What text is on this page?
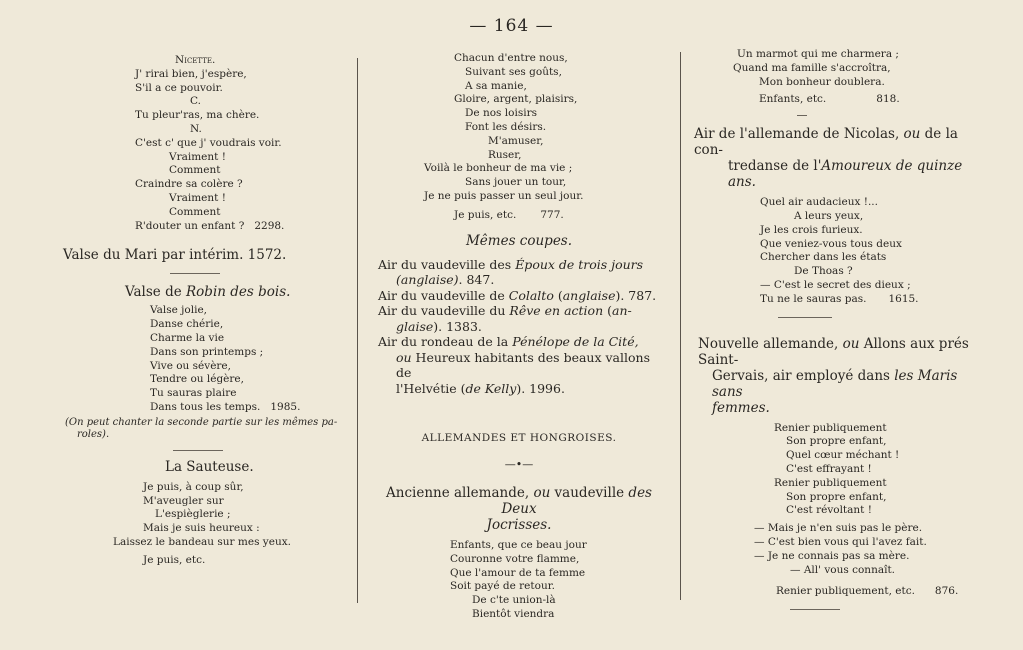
— 164 —

Nicette.

J' rirai bien, j'espère,

S'il a ce pouvoir.

C.

Tu pleur'ras, ma chère.

N.

C'est c' que j' voudrais voir.

Vraiment !

Comment

Craindre sa colère ?

Vraiment !

Comment

R'douter un enfant ? 2298.

Valse du Mari par intérim. 1572.

Valse de Robin des bois.

Valse jolie,

Danse chérie,

Charme la vie

Dans son printemps ;

Vive ou sévère,

Tendre ou légère,

Tu sauras plaire

Dans tous les temps. 1985.

(On peut chanter la seconde partie sur les mêmes pa-

roles).

La Sauteuse.

Je puis, à coup sûr,

M'aveugler sur

L'espièglerie ;

Mais je suis heureux :

Laissez le bandeau sur mes yeux.

Je puis, etc.

Chacun d'entre nous,

Suivant ses goûts,

A sa manie,

Gloire, argent, plaisirs,

De nos loisirs

Font les désirs.

M'amuser,

Ruser,

Voilà le bonheur de ma vie ;

Sans jouer un tour,

Je ne puis passer un seul jour.

Je puis, etc. 777.

Mêmes coupes.

Air du vaudeville des Époux de trois jours

(anglaise). 847.

Air du vaudeville de Colalto (anglaise). 787.

Air du vaudeville du Rêve en action (an-

glaise). 1383.

Air du rondeau de la Pénélope de la Cité,

ou Heureux habitants des beaux vallons de

l'Helvétie (de Kelly). 1996.

ALLEMANDES ET HONGROISES.

—•—

Ancienne allemande, ou vaudeville des Deux

Jocrisses.

Enfants, que ce beau jour

Couronne votre flamme,

Que l'amour de ta femme

Soit payé de retour.

De c'te union-là

Bientôt viendra

Un marmot qui me charmera ;

Quand ma famille s'accroîtra,

Mon bonheur doublera.

Enfants, etc.	818.

Air de l'allemande de Nicolas, ou de la con-

tredanse de l'Amoureux de quinze ans.

Quel air audacieux !...

A leurs yeux,

Je les crois furieux.

Que veniez-vous tous deux

Chercher dans les états

De Thoas ?

— C'est le secret des dieux ;

Tu ne le sauras pas. 1615.

Nouvelle allemande, ou Allons aux prés Saint-

Gervais, air employé dans les Maris sans

femmes.

Renier publiquement

Son propre enfant,

Quel cœur méchant !

C'est effrayant !

Renier publiquement

Son propre enfant,

C'est révoltant !

— Mais je n'en suis pas le père.

— C'est bien vous qui l'avez fait.

— Je ne connais pas sa mère.

— All' vous connaît.

Renier publiquement, etc. 876.
